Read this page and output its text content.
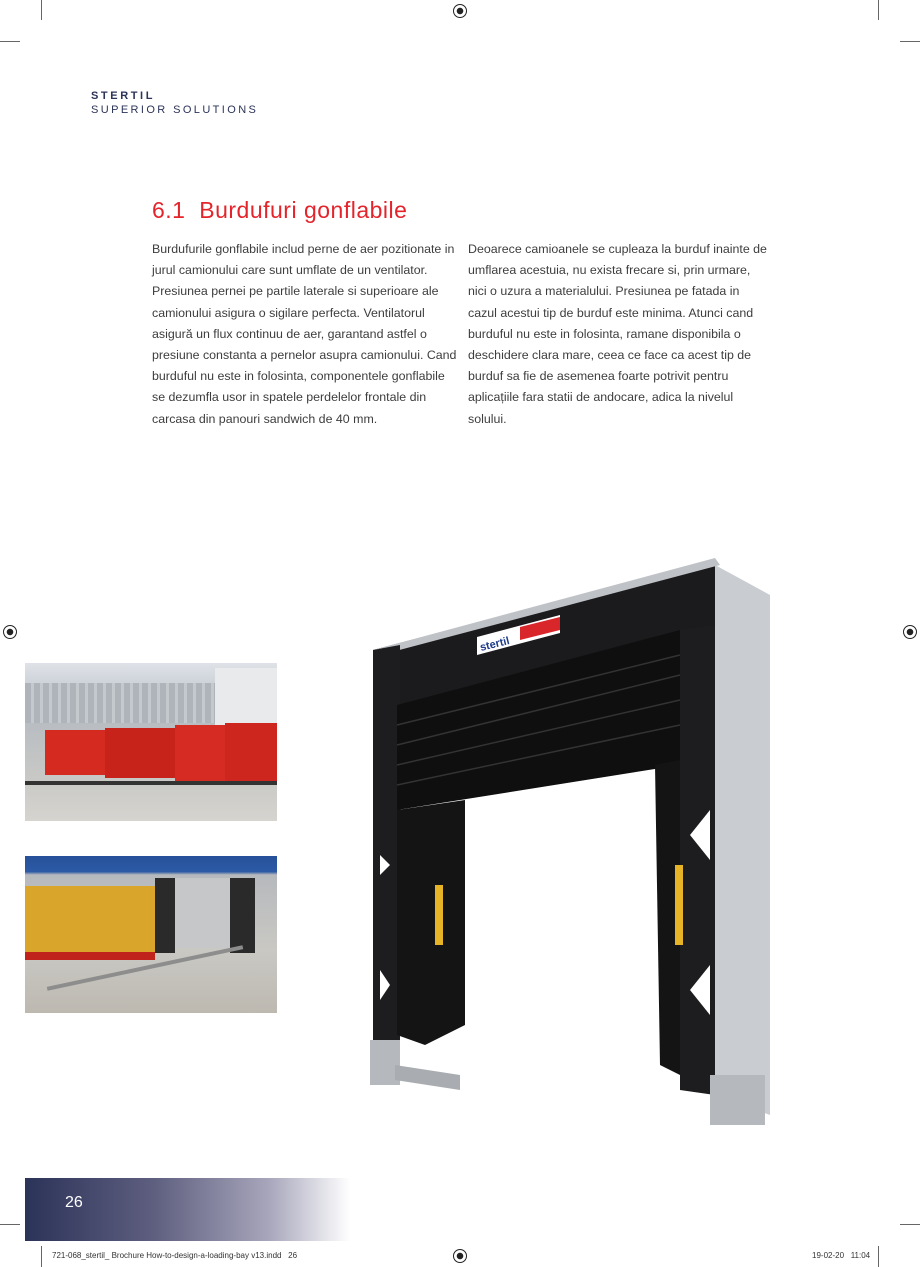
STERTIL
SUPERIOR SOLUTIONS
6.1  Burdufuri gonflabile

Burdufurile gonflabile includ perne de aer pozitionate in jurul camionului care sunt umflate de un ventilator. Presiunea pernei pe partile laterale si superioare ale camionului asigura o sigilare perfecta. Ventilatorul asigură un flux continuu de aer, garantand astfel o presiune constanta a pernelor asupra camionului. Cand burduful nu este in folosinta, componentele gonflabile se dezumfla usor in spatele perdelelor frontale din carcasa din panouri sandwich de 40 mm.

Deoarece camioanele se cupleaza la burduf inainte de umflarea acestuia, nu exista frecare si, prin urmare, nici o uzura a materialului. Presiunea pe fatada in cazul acestui tip de burduf este minima. Atunci cand burduful nu este in folosinta, ramane disponibila o deschidere clara mare, ceea ce face ca acest tip de burduf sa fie de asemenea foarte potrivit pentru aplicațiile fara statii de andocare, adica la nivelul solului.

stertil
26
721-068_stertil_ Brochure How-to-design-a-loading-bay v13.indd   26	19-02-20   11:04
